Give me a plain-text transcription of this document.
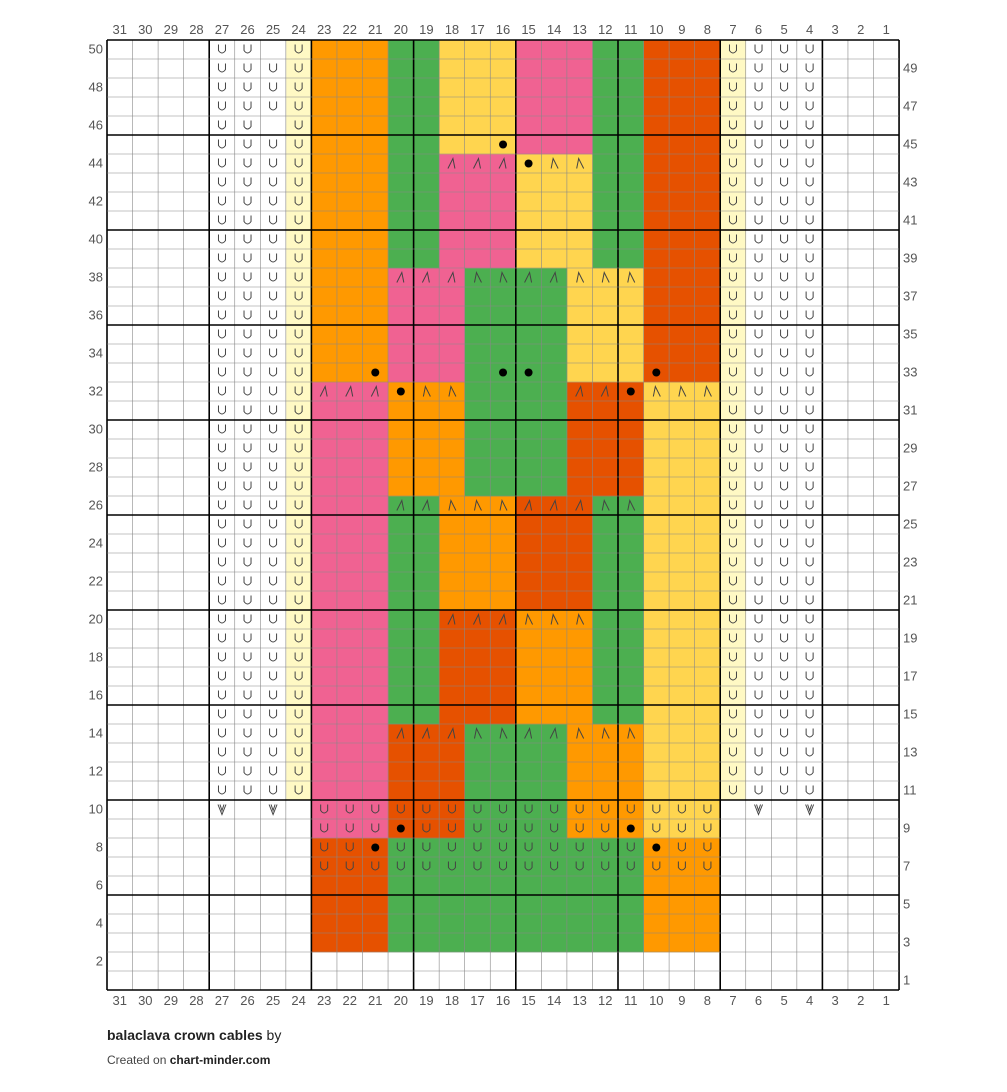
1
1
2
2
3
3
4
4
5
5
6
6
7
7
8
8
9
9
10
10
11
11
12
12
13
13
14
14
15
15
16
16
17
17
18
18
19
19
20
20
21
21
22
22
23
23
24
24
25
25
26
26
27
27
28
28
29
29
30
30
31
31
1
2
3
4
5
6
7
8
9
10
11
12
13
14
15
16
17
18
19
20
21
22
23
24
25
26
27
28
29
30
31
32
33
34
35
36
37
38
39
40
41
42
43
44
45
46
47
48
49
50
balaclava crown cables by
Created on chart-minder.com
